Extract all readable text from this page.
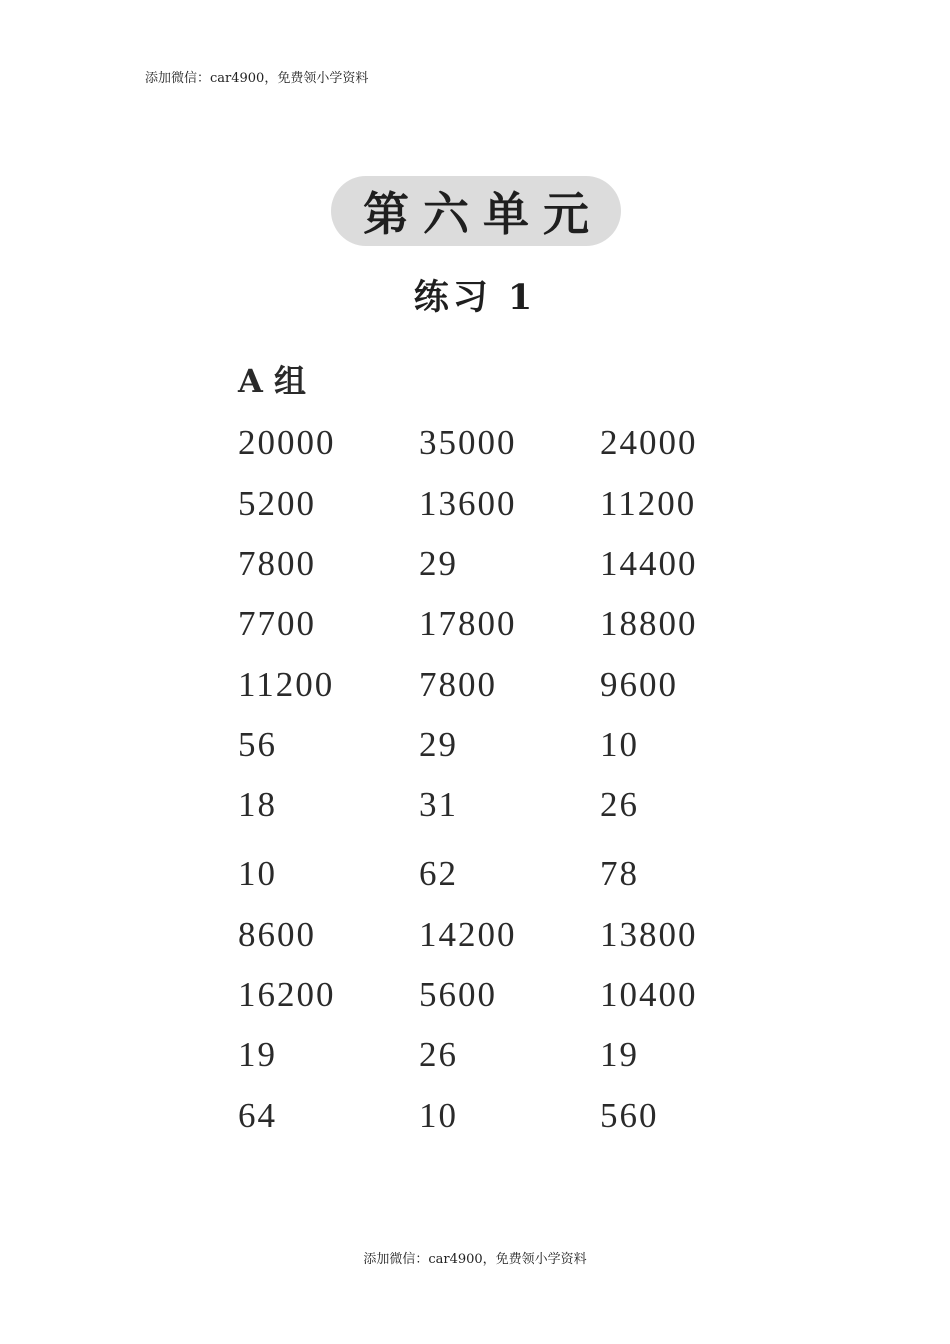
添加微信：car4900，免费领小学资料
第六单元
练习 1
A 组
20000 35000 24000
5200	13600 11200
7800	29	14400
7700	17800 18800
11200 7800	9600
56	29	10
18	31	26
10	62	78
8600	14200 13800
16200 5600	10400
19	26	19
64	10	560
添加微信：car4900，免费领小学资料
